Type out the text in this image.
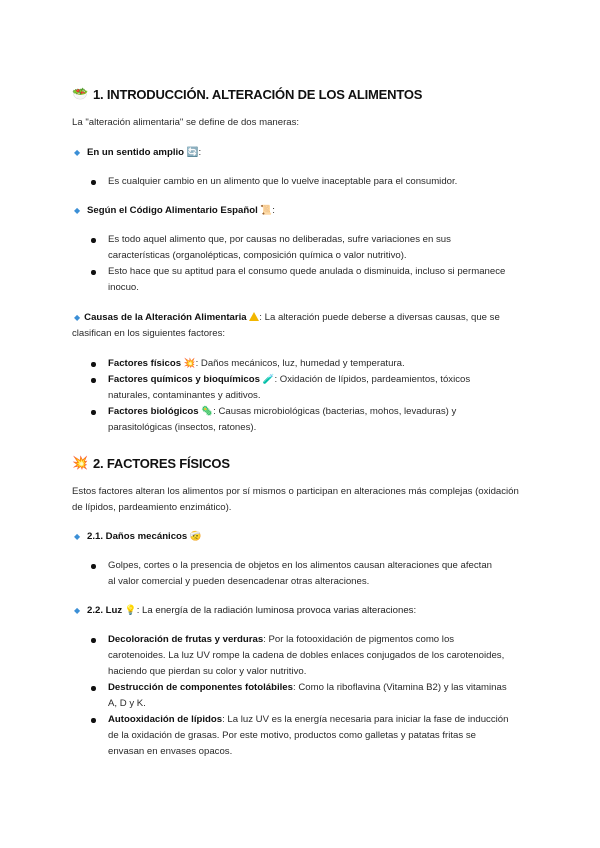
🥗 1. INTRODUCCIÓN. ALTERACIÓN DE LOS ALIMENTOS

La "alteración alimentaria" se define de dos maneras:

◆ En un sentido amplio 🔄:
Es cualquier cambio en un alimento que lo vuelve inaceptable para el consumidor.
◆ Según el Código Alimentario Español 📜:
Es todo aquel alimento que, por causas no deliberadas, sufre variaciones en sus características (organolépticas, composición química o valor nutritivo).
Esto hace que su aptitud para el consumo quede anulada o disminuida, incluso si permanece inocuo.
◆ Causas de la Alteración Alimentaria : La alteración puede deberse a diversas causas, que se clasifican en los siguientes factores:
Factores físicos 💥: Daños mecánicos, luz, humedad y temperatura.
Factores químicos y bioquímicos 🧪: Oxidación de lípidos, pardeamientos, tóxicos naturales, contaminantes y aditivos.
Factores biológicos 🦠: Causas microbiológicas (bacterias, mohos, levaduras) y parasitológicas (insectos, ratones).
💥 2. FACTORES FÍSICOS

Estos factores alteran los alimentos por sí mismos o participan en alteraciones más complejas (oxidación de lípidos, pardeamiento enzimático).

◆ 2.1. Daños mecánicos 🤕
Golpes, cortes o la presencia de objetos en los alimentos causan alteraciones que afectan al valor comercial y pueden desencadenar otras alteraciones.
◆ 2.2. Luz 💡: La energía de la radiación luminosa provoca varias alteraciones:
Decoloración de frutas y verduras: Por la fotooxidación de pigmentos como los carotenoides. La luz UV rompe la cadena de dobles enlaces conjugados de los carotenoides, haciendo que pierdan su color y valor nutritivo.
Destrucción de componentes fotolábiles: Como la riboflavina (Vitamina B2) y las vitaminas A, D y K.
Autooxidación de lípidos: La luz UV es la energía necesaria para iniciar la fase de inducción de la oxidación de grasas. Por este motivo, productos como galletas y patatas fritas se envasan en envases opacos.
